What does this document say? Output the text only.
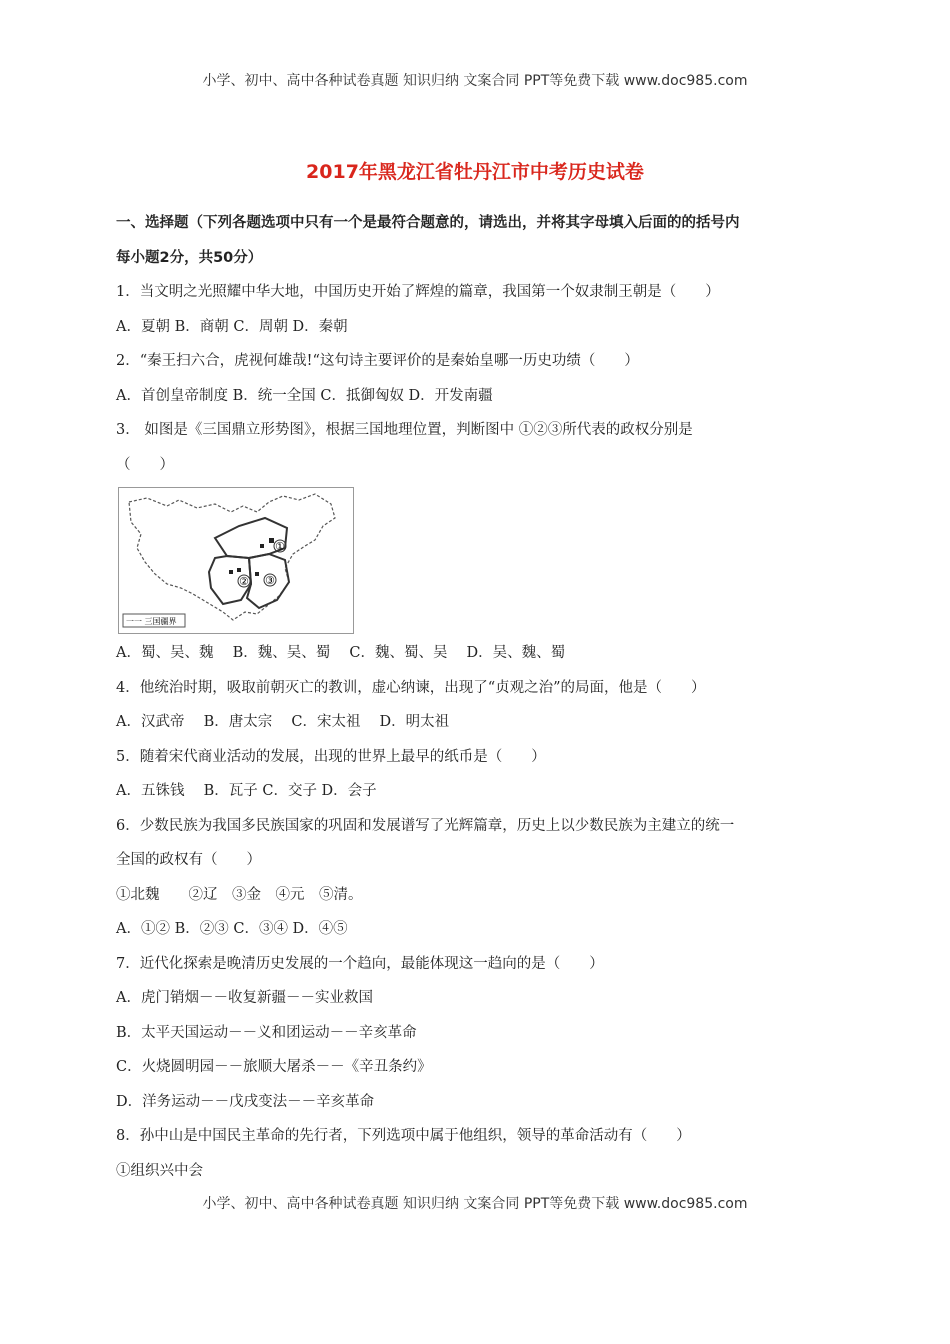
小学、初中、高中各种试卷真题 知识归纳 文案合同 PPT等免费下载 www.doc985.com
2017年黑龙江省牡丹江市中考历史试卷
一、选择题（下列各题选项中只有一个是最符合题意的，请选出，并将其字母填入后面的的括号内
每小题2分，共50分）
1．当文明之光照耀中华大地，中国历史开始了辉煌的篇章，我国第一个奴隶制王朝是（　　）
A．夏朝 B．商朝 C．周朝 D．秦朝
2．“秦王扫六合，虎视何雄哉!“这句诗主要评价的是秦始皇哪一历史功绩（　　）
A．首创皇帝制度 B．统一全国 C．抵御匈奴 D．开发南疆
3． 如图是《三国鼎立形势图》，根据三国地理位置，判断图中 ①②③所代表的政权分别是
（　　）
①
② ③
一一 三国疆界
A．蜀、吴、魏　 B．魏、吴、蜀　 C．魏、蜀、吴　 D．吴、魏、蜀
4．他统治时期，吸取前朝灭亡的教训，虚心纳谏，出现了“贞观之治”的局面，他是（　　）
A．汉武帝　 B．唐太宗　 C．宋太祖　 D．明太祖
5．随着宋代商业活动的发展，出现的世界上最早的纸币是（　　）
A．五铢钱　 B．瓦子 C．交子 D．会子
6．少数民族为我国多民族国家的巩固和发展谱写了光辉篇章，历史上以少数民族为主建立的统一
全国的政权有（　　）
①北魏　　②辽　③金　④元　⑤清。
A．①② B．②③ C．③④ D．④⑤
7．近代化探索是晚清历史发展的一个趋向，最能体现这一趋向的是（　　）
A．虎门销烟－－收复新疆－－实业救国
B．太平天国运动－－义和团运动－－辛亥革命
C．火烧圆明园－－旅顺大屠杀－－《辛丑条约》
D．洋务运动－－戊戌变法－－辛亥革命
8．孙中山是中国民主革命的先行者，下列选项中属于他组织，领导的革命活动有（　　）
①组织兴中会
小学、初中、高中各种试卷真题 知识归纳 文案合同 PPT等免费下载 www.doc985.com
